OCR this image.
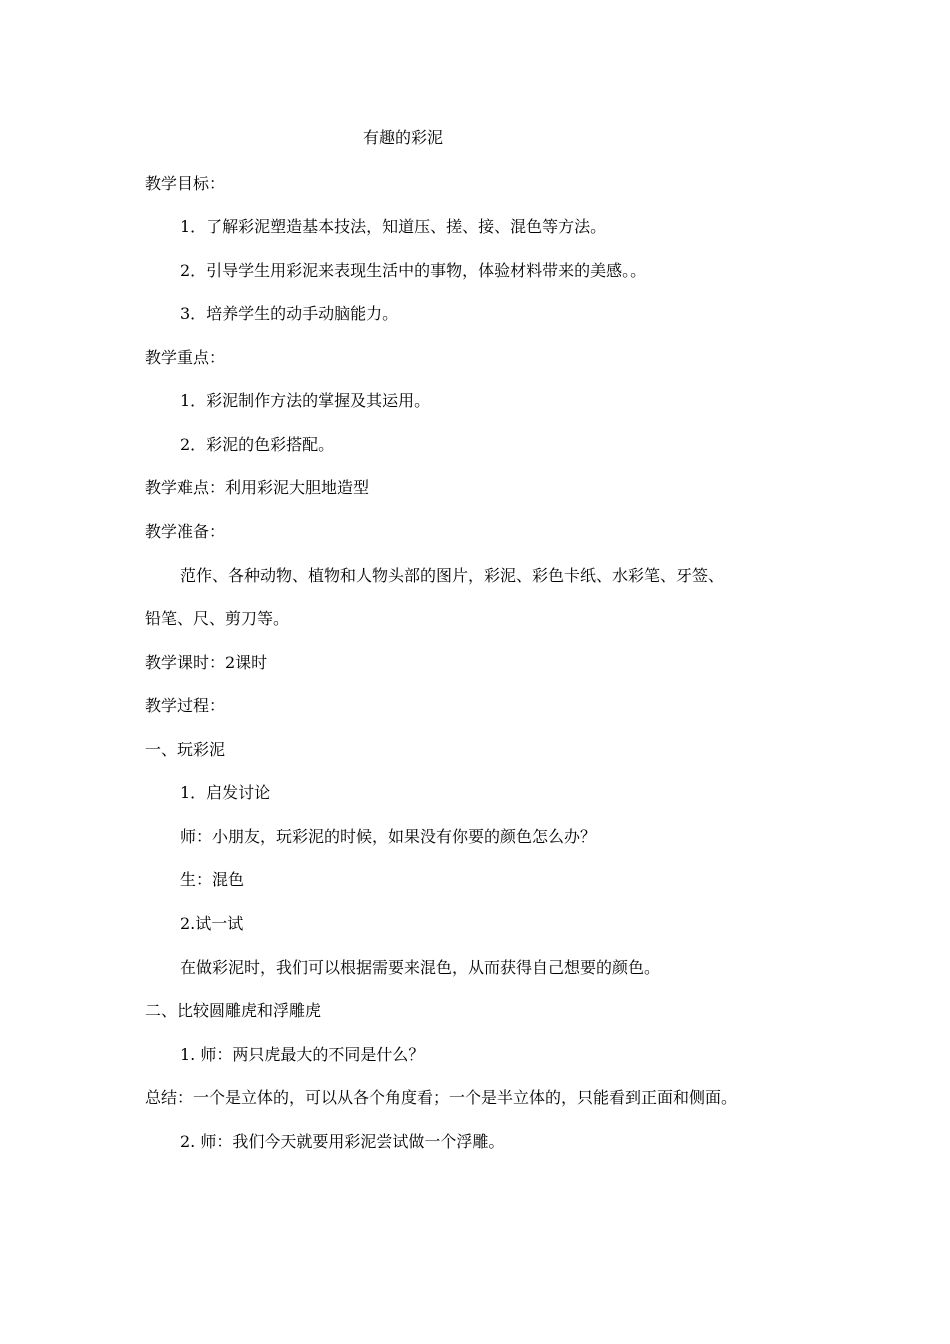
有趣的彩泥
教学目标：
1．了解彩泥塑造基本技法，知道压、搓、接、混色等方法。
2．引导学生用彩泥来表现生活中的事物，体验材料带来的美感。。
3．培养学生的动手动脑能力。
教学重点：
1．彩泥制作方法的掌握及其运用。
2．彩泥的色彩搭配。
教学难点：利用彩泥大胆地造型
教学准备：
范作、各种动物、植物和人物头部的图片，彩泥、彩色卡纸、水彩笔、牙签、
铅笔、尺、剪刀等。
教学课时：2课时
教学过程：
一、玩彩泥
1．启发讨论
师：小朋友，玩彩泥的时候，如果没有你要的颜色怎么办？
生：混色
2.试一试
在做彩泥时，我们可以根据需要来混色，从而获得自己想要的颜色。
二、比较圆雕虎和浮雕虎
1. 师：两只虎最大的不同是什么？
总结：一个是立体的，可以从各个角度看；一个是半立体的，只能看到正面和侧面。
2. 师：我们今天就要用彩泥尝试做一个浮雕。
